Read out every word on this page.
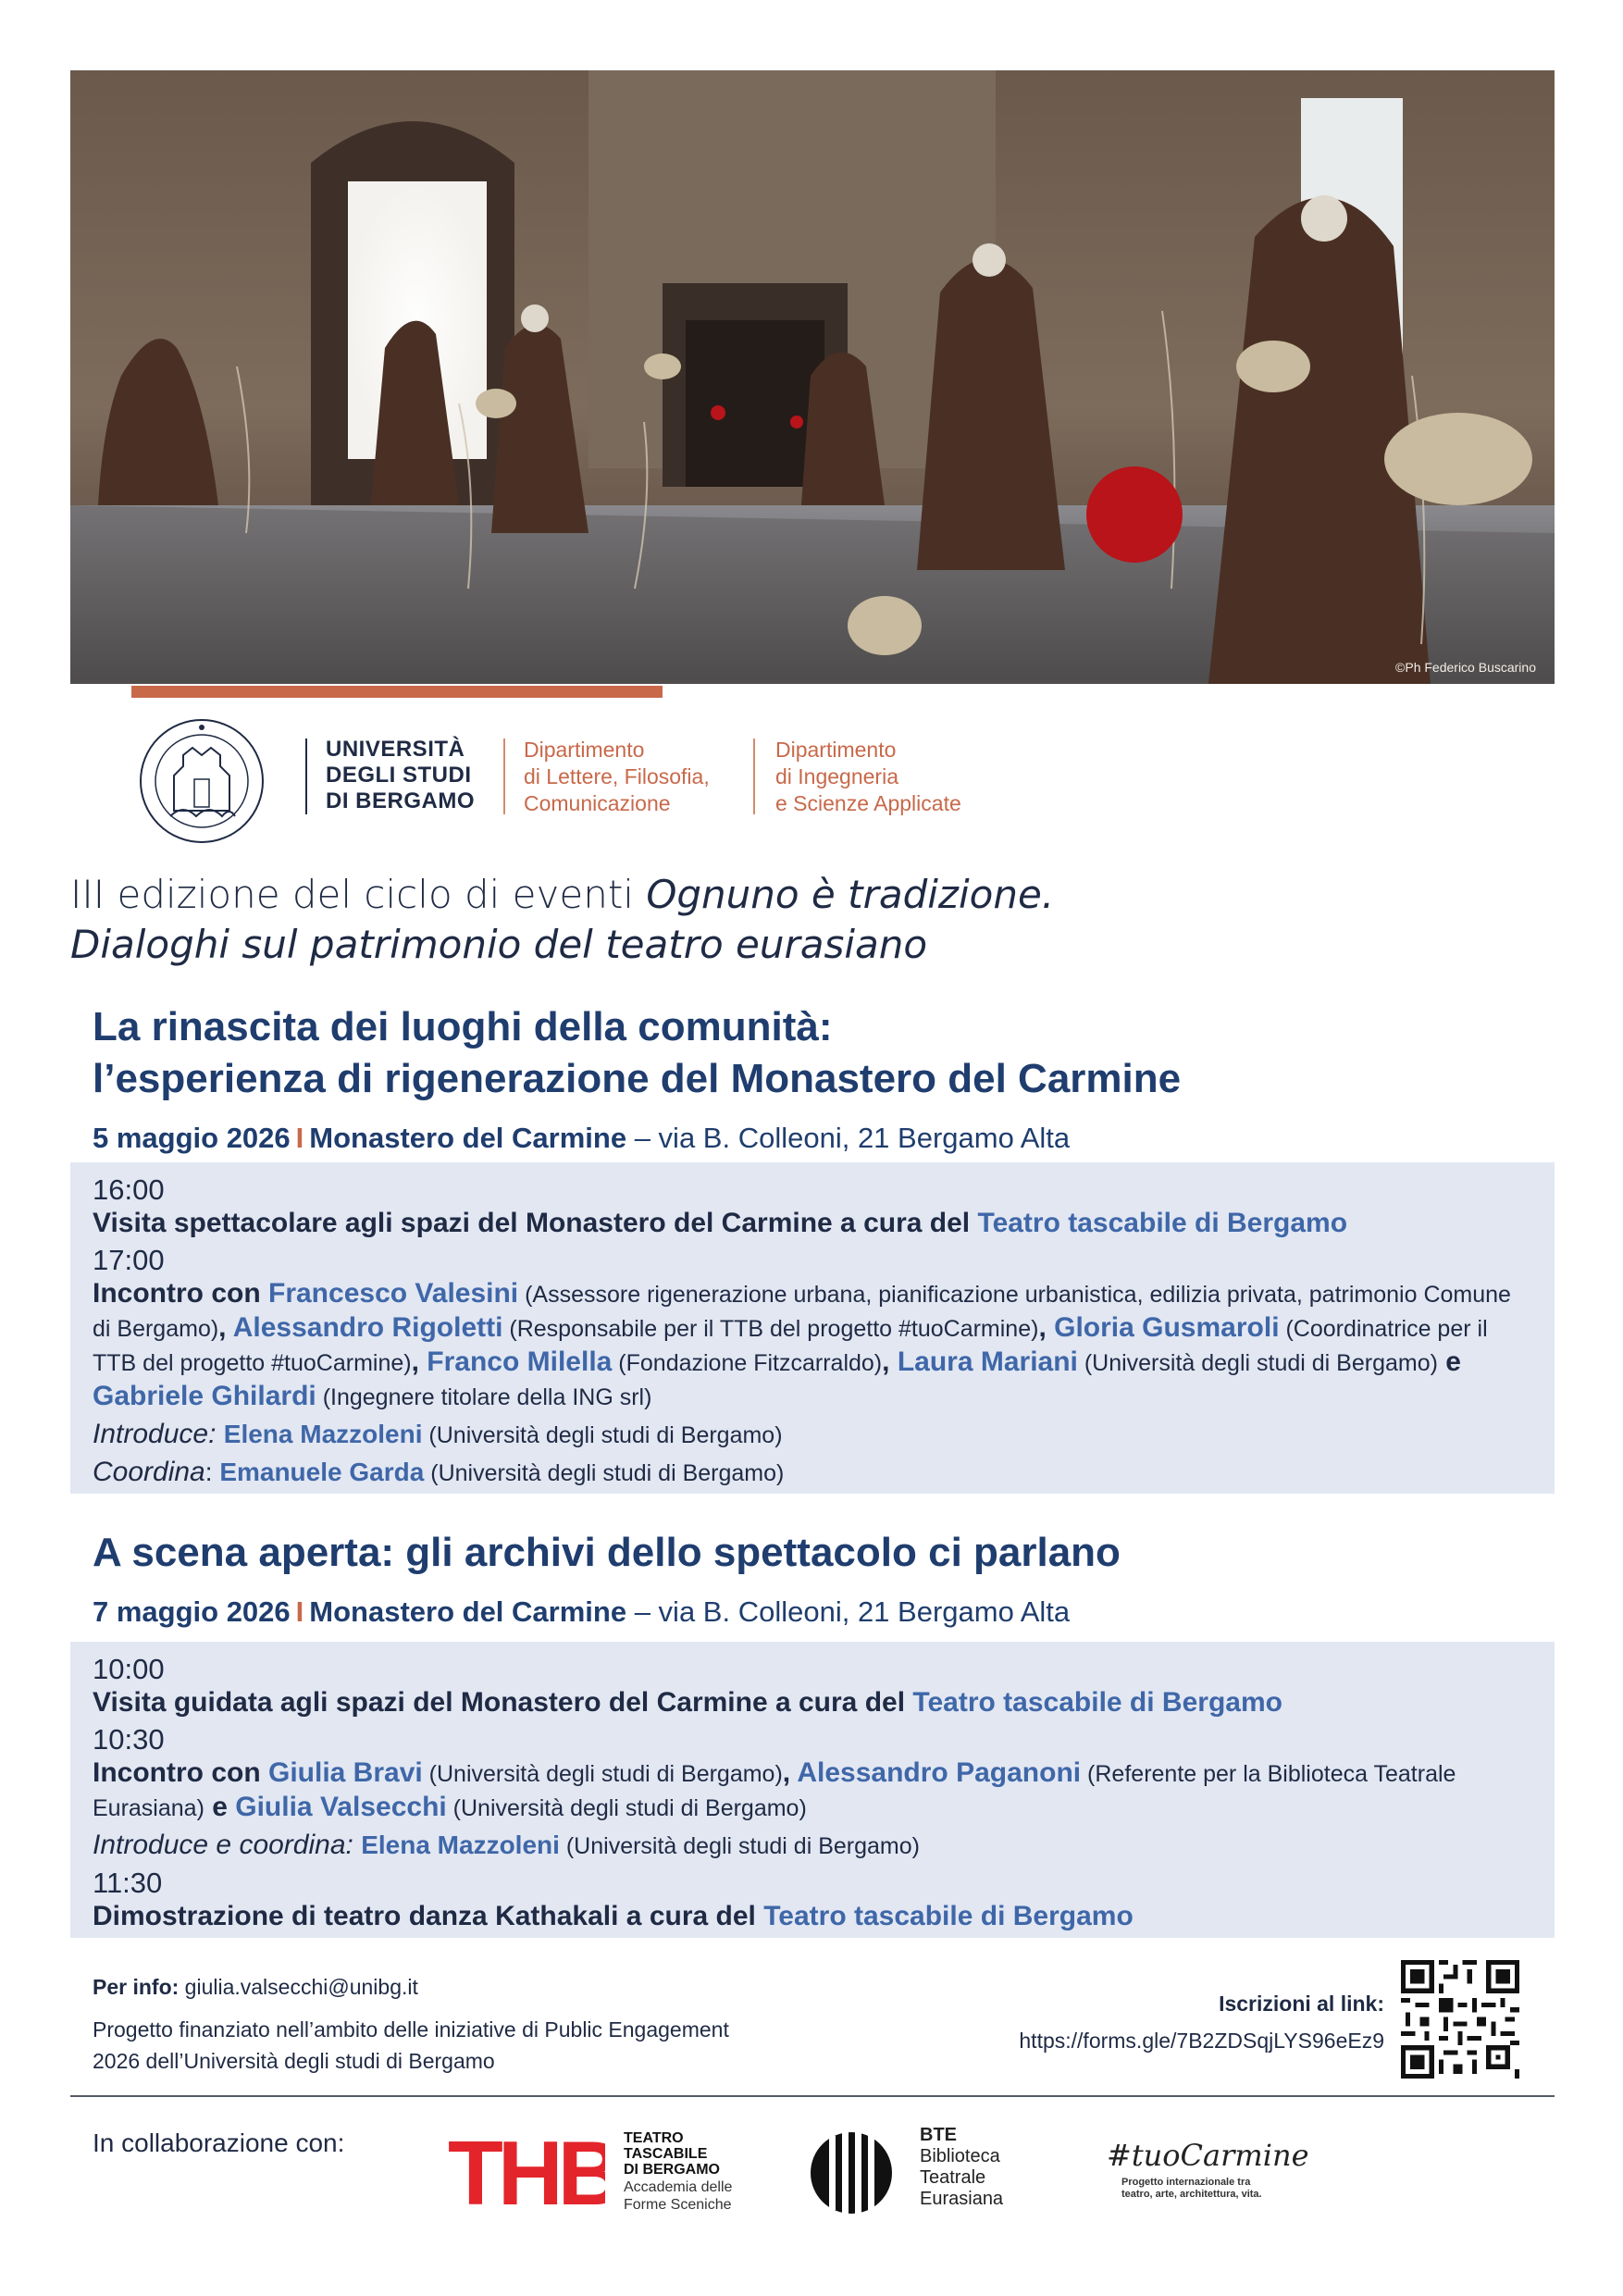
©Ph Federico Buscarino
UNIVERSITÀ
DEGLI STUDI
DI BERGAMO
Dipartimento
di Lettere, Filosofia,
Comunicazione
Dipartimento
di Ingegneria
e Scienze Applicate
III edizione del ciclo di eventi Ognuno è tradizione.
Dialoghi sul patrimonio del teatro eurasiano
La rinascita dei luoghi della comunità:
l’esperienza di rigenerazione del Monastero del Carmine
5 maggio 2026 I Monastero del Carmine – via B. Colleoni, 21 Bergamo Alta
16:00
Visita spettacolare agli spazi del Monastero del Carmine a cura del Teatro tascabile di Bergamo
17:00
Incontro con Francesco Valesini (Assessore rigenerazione urbana, pianificazione urbanistica, edilizia privata, patrimonio Comune di Bergamo), Alessandro Rigoletti (Responsabile per il TTB del progetto #tuoCarmine), Gloria Gusmaroli (Coordinatrice per il TTB del progetto #tuoCarmine), Franco Milella (Fondazione Fitzcarraldo), Laura Mariani (Università degli studi di Bergamo) e Gabriele Ghilardi (Ingegnere titolare della ING srl)
Introduce: Elena Mazzoleni (Università degli studi di Bergamo)
Coordina: Emanuele Garda (Università degli studi di Bergamo)
A scena aperta: gli archivi dello spettacolo ci parlano
7 maggio 2026 I Monastero del Carmine – via B. Colleoni, 21 Bergamo Alta
10:00
Visita guidata agli spazi del Monastero del Carmine a cura del Teatro tascabile di Bergamo
10:30
Incontro con Giulia Bravi (Università degli studi di Bergamo), Alessandro Paganoni (Referente per la Biblioteca Teatrale Eurasiana) e Giulia Valsecchi (Università degli studi di Bergamo)
Introduce e coordina: Elena Mazzoleni (Università degli studi di Bergamo)
11:30
Dimostrazione di teatro danza Kathakali a cura del Teatro tascabile di Bergamo
Per info: giulia.valsecchi@unibg.it
Progetto finanziato nell’ambito delle iniziative di Public Engagement 2026 dell’Università degli studi di Bergamo
Iscrizioni al link:
https://forms.gle/7B2ZDSqjLYS96eEz9
In collaborazione con: THB TEATRO
TASCABILE
DI BERGAMO
Accademia delle
Forme Sceniche
BTE
Biblioteca
Teatrale
Eurasiana
#tuoCarmine
Progetto internazionale tra
teatro, arte, architettura, vita.
